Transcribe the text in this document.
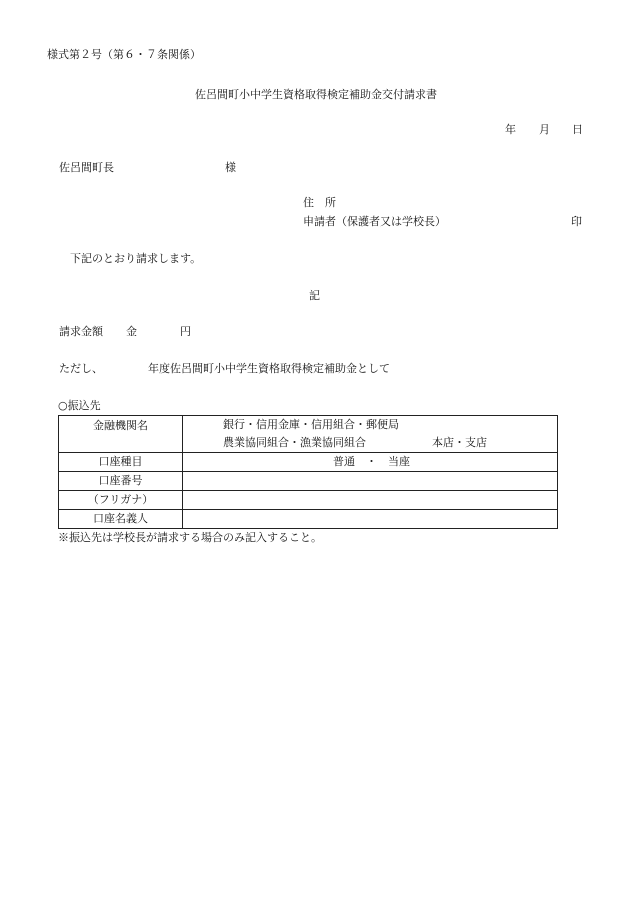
様式第２号（第６・７条関係）
佐呂間町小中学生資格取得検定補助金交付請求書
年 月 日
佐呂間町長	様
住　所
申請者（保護者又は学校長）	印
下記のとおり請求します。
記
請求金額 金	円
ただし、	年度佐呂間町小中学生資格取得検定補助金として
○振込先
金融機関名	銀行・信用金庫・信用組合・郵便局
農業協同組合・漁業協同組合 本店・支店

口座種目	普通　・　当座

口座番号	
（フリガナ）	
口座名義人	
※振込先は学校長が請求する場合のみ記入すること。
